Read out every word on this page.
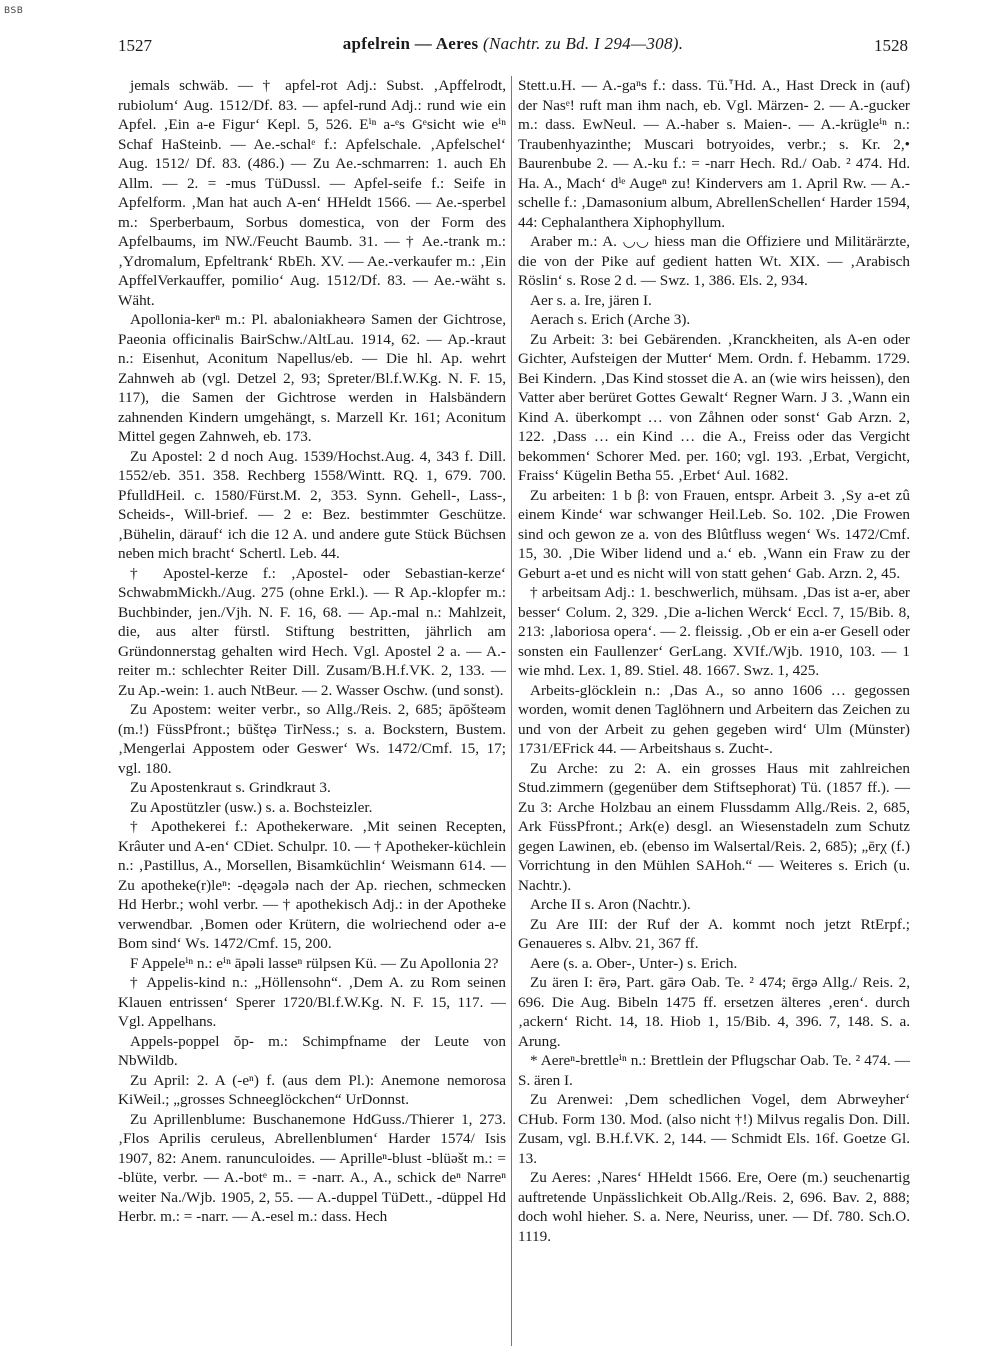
BSB
1527	apfelrein — Aeres (Nachtr. zu Bd. I 294—308).	1528

jemals schwäb. — † apfel-rot Adj.: Subst. ‚Apffelrodt, rubiolum‘ Aug. 1512/Df. 83. — apfel-rund Adj.: rund wie ein Apfel. ‚Ein a-e Figur‘ Kepl. 5, 526. Eⁱⁿ a-ᵉs Gᵉsicht wie eⁱⁿ Schaf HaSteinb. — Ae.-schalᵉ f.: Apfelschale. ‚Apfelschel‘ Aug. 1512/ Df. 83. (486.) — Zu Ae.-schmarren: 1. auch Eh Allm. — 2. = -mus TüDussl. — Apfel-seife f.: Seife in Apfelform. ‚Man hat auch A-en‘ HHeldt 1566. — Ae.-sperbel m.: Sperberbaum, Sorbus domestica, von der Form des Apfelbaums, im NW./Feucht Baumb. 31. — † Ae.-trank m.: ‚Ydromalum, Epfeltrank‘ RbEh. XV. — Ae.-verkaufer m.: ‚Ein ApffelVerkauffer, pomilio‘ Aug. 1512/Df. 83. — Ae.-wäht s. Wäht.

Apollonia-kerⁿ m.: Pl. abaloniakheərə Samen der Gichtrose, Paeonia officinalis BairSchw./AltLau. 1914, 62. — Ap.-kraut n.: Eisenhut, Aconitum Napellus/eb. — Die hl. Ap. wehrt Zahnweh ab (vgl. Detzel 2, 93; Spreter/Bl.f.W.Kg. N. F. 15, 117), die Samen der Gichtrose werden in Halsbändern zahnenden Kindern umgehängt, s. Marzell Kr. 161; Aconitum Mittel gegen Zahnweh, eb. 173.

Zu Apostel: 2 d noch Aug. 1539/Hochst.Aug. 4, 343 f. Dill. 1552/eb. 351. 358. Rechberg 1558/Wintt. RQ. 1, 679. 700. PfulldHeil. c. 1580/Fürst.M. 2, 353. Synn. Gehell-, Lass-, Scheids-, Will-brief. — 2 e: Bez. bestimmter Geschütze. ‚Bühelin, däraufʻ ich die 12 A. und andere gute Stück Büchsen neben mich bracht‘ Schertl. Leb. 44.

† Apostel-kerze f.: ‚Apostel- oder Sebastian-kerze‘ SchwabmMickh./Aug. 275 (ohne Erkl.). — R Ap.-klopfer m.: Buchbinder, jen./Vjh. N. F. 16, 68. — Ap.-mal n.: Mahlzeit, die, aus alter fürstl. Stiftung bestritten, jährlich am Gründonnerstag gehalten wird Hech. Vgl. Apostel 2 a. — A.-reiter m.: schlechter Reiter Dill. Zusam/B.H.f.VK. 2, 133. — Zu Ap.-wein: 1. auch NtBeur. — 2. Wasser Oschw. (und sonst).

Zu Apostem: weiter verbr., so Allg./Reis. 2, 685; āpōšteəm (m.!) FüssPfront.; būštęə TirNess.; s. a. Bockstern, Bustem. ‚Mengerlai Appostem oder Geswer‘ Ws. 1472/Cmf. 15, 17; vgl. 180.

Zu Apostenkraut s. Grindkraut 3.

Zu Apostützler (usw.) s. a. Bochsteizler.

† Apothekerei f.: Apothekerware. ‚Mit seinen Recepten, Krâuter und A-en‘ CDiet. Schulpr. 10. — † Apotheker-küchlein n.: ‚Pastillus, A., Morsellen, Bisamküchlin‘ Weismann 614. — Zu apotheke(r)leⁿ: -dęəgələ nach der Ap. riechen, schmecken Hd Herbr.; wohl verbr. — † apothekisch Adj.: in der Apotheke verwendbar. ‚Bomen oder Krütern, die wolriechend oder a-e Bom sind‘ Ws. 1472/Cmf. 15, 200.

F Appeleⁱⁿ n.: eⁱⁿ āpəli lasseⁿ rülpsen Kü. — Zu Apollonia 2?

† Appelis-kind n.: „Höllensohn“. ‚Dem A. zu Rom seinen Klauen entrissen‘ Sperer 1720/Bl.f.W.Kg. N. F. 15, 117. — Vgl. Appelhans.

Appels-poppel ŏp- m.: Schimpfname der Leute von NbWildb.

Zu April: 2. A (-eⁿ) f. (aus dem Pl.): Anemone nemorosa KiWeil.; „grosses Schneeglöckchen“ UrDonnst.

Zu Aprillenblume: Buschanemone HdGuss./Thierer 1, 273. ‚Flos Aprilis ceruleus, Abrellenblumen‘ Harder 1574/ Isis 1907, 82: Anem. ranunculoides. — Aprilleⁿ-blust -blüəšt m.: = -blüte, verbr. — A.-botᵉ m.. = -narr. A., A., schick deⁿ Narreⁿ weiter Na./Wjb. 1905, 2, 55. — A.-duppel TüDett., -düppel Hd Herbr. m.: = -narr. — A.-esel m.: dass. Hech

Stett.u.H. — A.-gaⁿs f.: dass. Tü.ᐪHd. A., Hast Dreck in (auf) der Nasᵉ! ruft man ihm nach, eb. Vgl. Märzen- 2. — A.-gucker m.: dass. EwNeul. — A.-haber s. Maien-. — A.-krügleⁱⁿ n.: Traubenhyazinthe; Muscari botryoides, verbr.; s. Kr. 2,• Baurenbube 2. — A.-ku f.: = -narr Hech. Rd./ Oab. ² 474. Hd. Ha. A., Mach‘ dⁱᵉ Augeⁿ zu! Kindervers am 1. April Rw. — A.-schelle f.: ‚Damasonium album, AbrellenSchellen‘ Harder 1594, 44: Cephalanthera Xiphophyllum.

Araber m.: A. ◡◡ hiess man die Offiziere und Militärärzte, die von der Pike auf gedient hatten Wt. XIX. — ‚Arabisch Röslin‘ s. Rose 2 d. — Swz. 1, 386. Els. 2, 934.

Aer s. a. Ire, jären I.

Aerach s. Erich (Arche 3).

Zu Arbeit: 3: bei Gebärenden. ‚Kranckheiten, als A-en oder Gichter, Aufsteigen der Mutter‘ Mem. Ordn. f. Hebamm. 1729. Bei Kindern. ‚Das Kind stosset die A. an (wie wirs heissen), den Vatter aber berüret Gottes Gewalt‘ Regner Warn. J 3. ‚Wann ein Kind A. überkompt … von Zåhnen oder sonst‘ Gab Arzn. 2, 122. ‚Dass … ein Kind … die A., Freiss oder das Vergicht bekommen‘ Schorer Med. per. 160; vgl. 193. ‚Erbat, Vergicht, Fraiss‘ Kügelin Betha 55. ‚Erbet‘ Aul. 1682.

Zu arbeiten: 1 b β: von Frauen, entspr. Arbeit 3. ‚Sy a-et zû einem Kinde‘ war schwanger Heil.Leb. So. 102. ‚Die Frowen sind och gewon ze a. von des Blûtfluss wegen‘ Ws. 1472/Cmf. 15, 30. ‚Die Wiber lidend und a.‘ eb. ‚Wann ein Fraw zu der Geburt a-et und es nicht will von statt gehen‘ Gab. Arzn. 2, 45.

† arbeitsam Adj.: 1. beschwerlich, mühsam. ‚Das ist a-er, aber besser‘ Colum. 2, 329. ‚Die a-lichen Werck‘ Eccl. 7, 15/Bib. 8, 213: ‚laboriosa opera‘. — 2. fleissig. ‚Ob er ein a-er Gesell oder sonsten ein Faullenzer‘ GerLang. XVIf./Wjb. 1910, 103. — 1 wie mhd. Lex. 1, 89. Stiel. 48. 1667. Swz. 1, 425.

Arbeits-glöcklein n.: ‚Das A., so anno 1606 … gegossen worden, womit denen Taglöhnern und Arbeitern das Zeichen zu und von der Arbeit zu gehen gegeben wird‘ Ulm (Münster) 1731/EFrick 44. — Arbeitshaus s. Zucht-.

Zu Arche: zu 2: A. ein grosses Haus mit zahlreichen Stud.zimmern (gegenüber dem Stiftsephorat) Tü. (1857 ff.). — Zu 3: Arche Holzbau an einem Flussdamm Allg./Reis. 2, 685, Ark FüssPfront.; Ark(e) desgl. an Wiesenstadeln zum Schutz gegen Lawinen, eb. (ebenso im Walsertal/Reis. 2, 685); „ērχ (f.) Vorrichtung in den Mühlen SAHoh.“ — Weiteres s. Erich (u. Nachtr.).

Arche II s. Aron (Nachtr.).

Zu Are III: der Ruf der A. kommt noch jetzt RtErpf.; Genaueres s. Albv. 21, 367 ff.

Aere (s. a. Ober-, Unter-) s. Erich.

Zu ären I: ērə, Part. gārə Oab. Te. ² 474; ērgə Allg./ Reis. 2, 696. Die Aug. Bibeln 1475 ff. ersetzen älteres ‚eren‘. durch ‚ackern‘ Richt. 14, 18. Hiob 1, 15/Bib. 4, 396. 7, 148. S. a. Arung.

* Aereⁿ-brettleⁱⁿ n.: Brettlein der Pflugschar Oab. Te. ² 474. — S. ären I.

Zu Arenwei: ‚Dem schedlichen Vogel, dem Abrweyher‘ CHub. Form 130. Mod. (also nicht †!) Milvus regalis Don. Dill. Zusam, vgl. B.H.f.VK. 2, 144. — Schmidt Els. 16f. Goetze Gl. 13.

Zu Aeres: ‚Nares‘ HHeldt 1566. Ere, Oere (m.) seuchenartig auftretende Unpässlichkeit Ob.Allg./Reis. 2, 696. Bav. 2, 888; doch wohl hieher. S. a. Nere, Neuriss, uner. — Df. 780. Sch.O. 1119.
